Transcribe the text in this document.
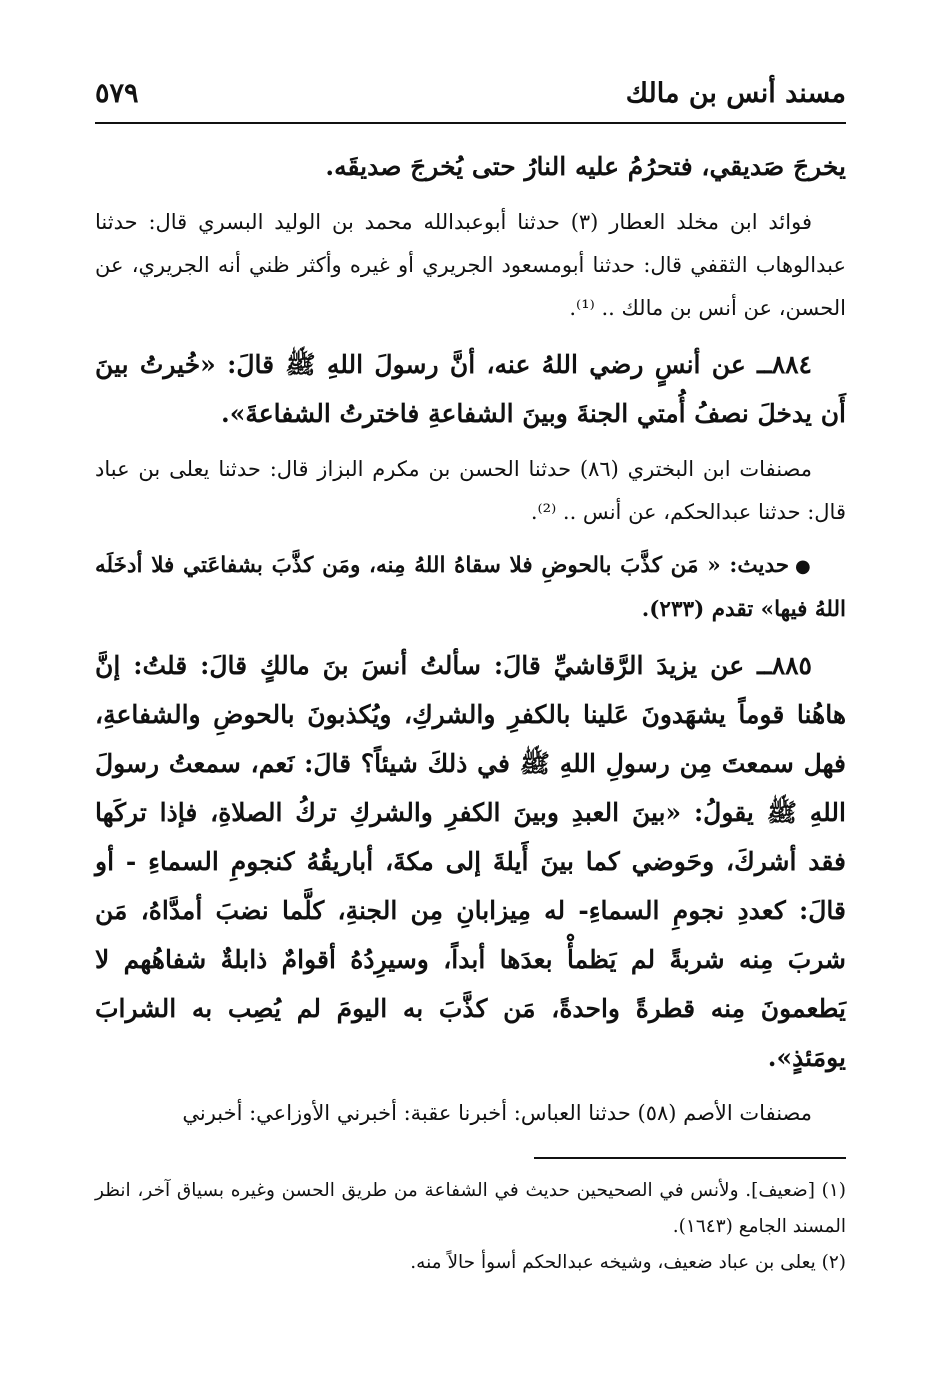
مسند أنس بن مالك
٥٧٩

يخرجَ صَديقي، فتحرُمُ عليه النارُ حتى يُخرجَ صديقَه.

فوائد ابن مخلد العطار (٣) حدثنا أبوعبدالله محمد بن الوليد البسري قال: حدثنا عبدالوهاب الثقفي قال: حدثنا أبومسعود الجريري أو غيره وأكثر ظني أنه الجريري، عن الحسن، عن أنس بن مالك .. ⁽¹⁾.

٨٨٤ــ عن أنسٍ رضي اللهُ عنه، أنَّ رسولَ اللهِ ﷺ قالَ: «خُيرتُ بينَ أَن يدخلَ نصفُ أُمتي الجنةَ وبينَ الشفاعةِ فاخترتُ الشفاعةَ».

مصنفات ابن البختري (٨٦) حدثنا الحسن بن مكرم البزاز قال: حدثنا يعلى بن عباد قال: حدثنا عبدالحكم، عن أنس .. ⁽²⁾.

●حديث: « مَن كذَّبَ بالحوضِ فلا سقاهُ اللهُ مِنه، ومَن كذَّبَ بشفاعَتي فلا أدخَلَه اللهُ فيها» تقدم (٢٣٣).

٨٨٥ــ عن يزيدَ الرَّقاشيِّ قالَ: سألتُ أنسَ بنَ مالكٍ قالَ: قلتُ: إنَّ هاهُنا قوماً يشهَدونَ عَلينا بالكفرِ والشركِ، ويُكذبونَ بالحوضِ والشفاعةِ، فهل سمعتَ مِن رسولِ اللهِ ﷺ في ذلكَ شيئاً؟ قالَ: نَعم، سمعتُ رسولَ اللهِ ﷺ يقولُ: «بينَ العبدِ وبينَ الكفرِ والشركِ تركُ الصلاةِ، فإذا تركَها فقد أشركَ، وحَوضي كما بينَ أَيلةَ إلى مكةَ، أباريقُهُ كنجومِ السماءِ - أو قالَ: كعددِ نجومِ السماءِ- له مِيزابانِ مِن الجنةِ، كلَّما نضبَ أمدَّاهُ، مَن شربَ مِنه شربةً لم يَظمأْ بعدَها أبداً، وسيرِدُهُ أقوامٌ ذابلةٌ شفاهُهم لا يَطعمونَ مِنه قطرةً واحدةً، مَن كذَّبَ به اليومَ لم يُصِب به الشرابَ يومَئذٍ».

مصنفات الأصم (٥٨) حدثنا العباس: أخبرنا عقبة: أخبرني الأوزاعي: أخبرني

(١) [ضعيف]. ولأنس في الصحيحين حديث في الشفاعة من طريق الحسن وغيره بسياق آخر، انظر المسند الجامع (١٦٤٣).

(٢) يعلى بن عباد ضعيف، وشيخه عبدالحكم أسوأ حالاً منه.
